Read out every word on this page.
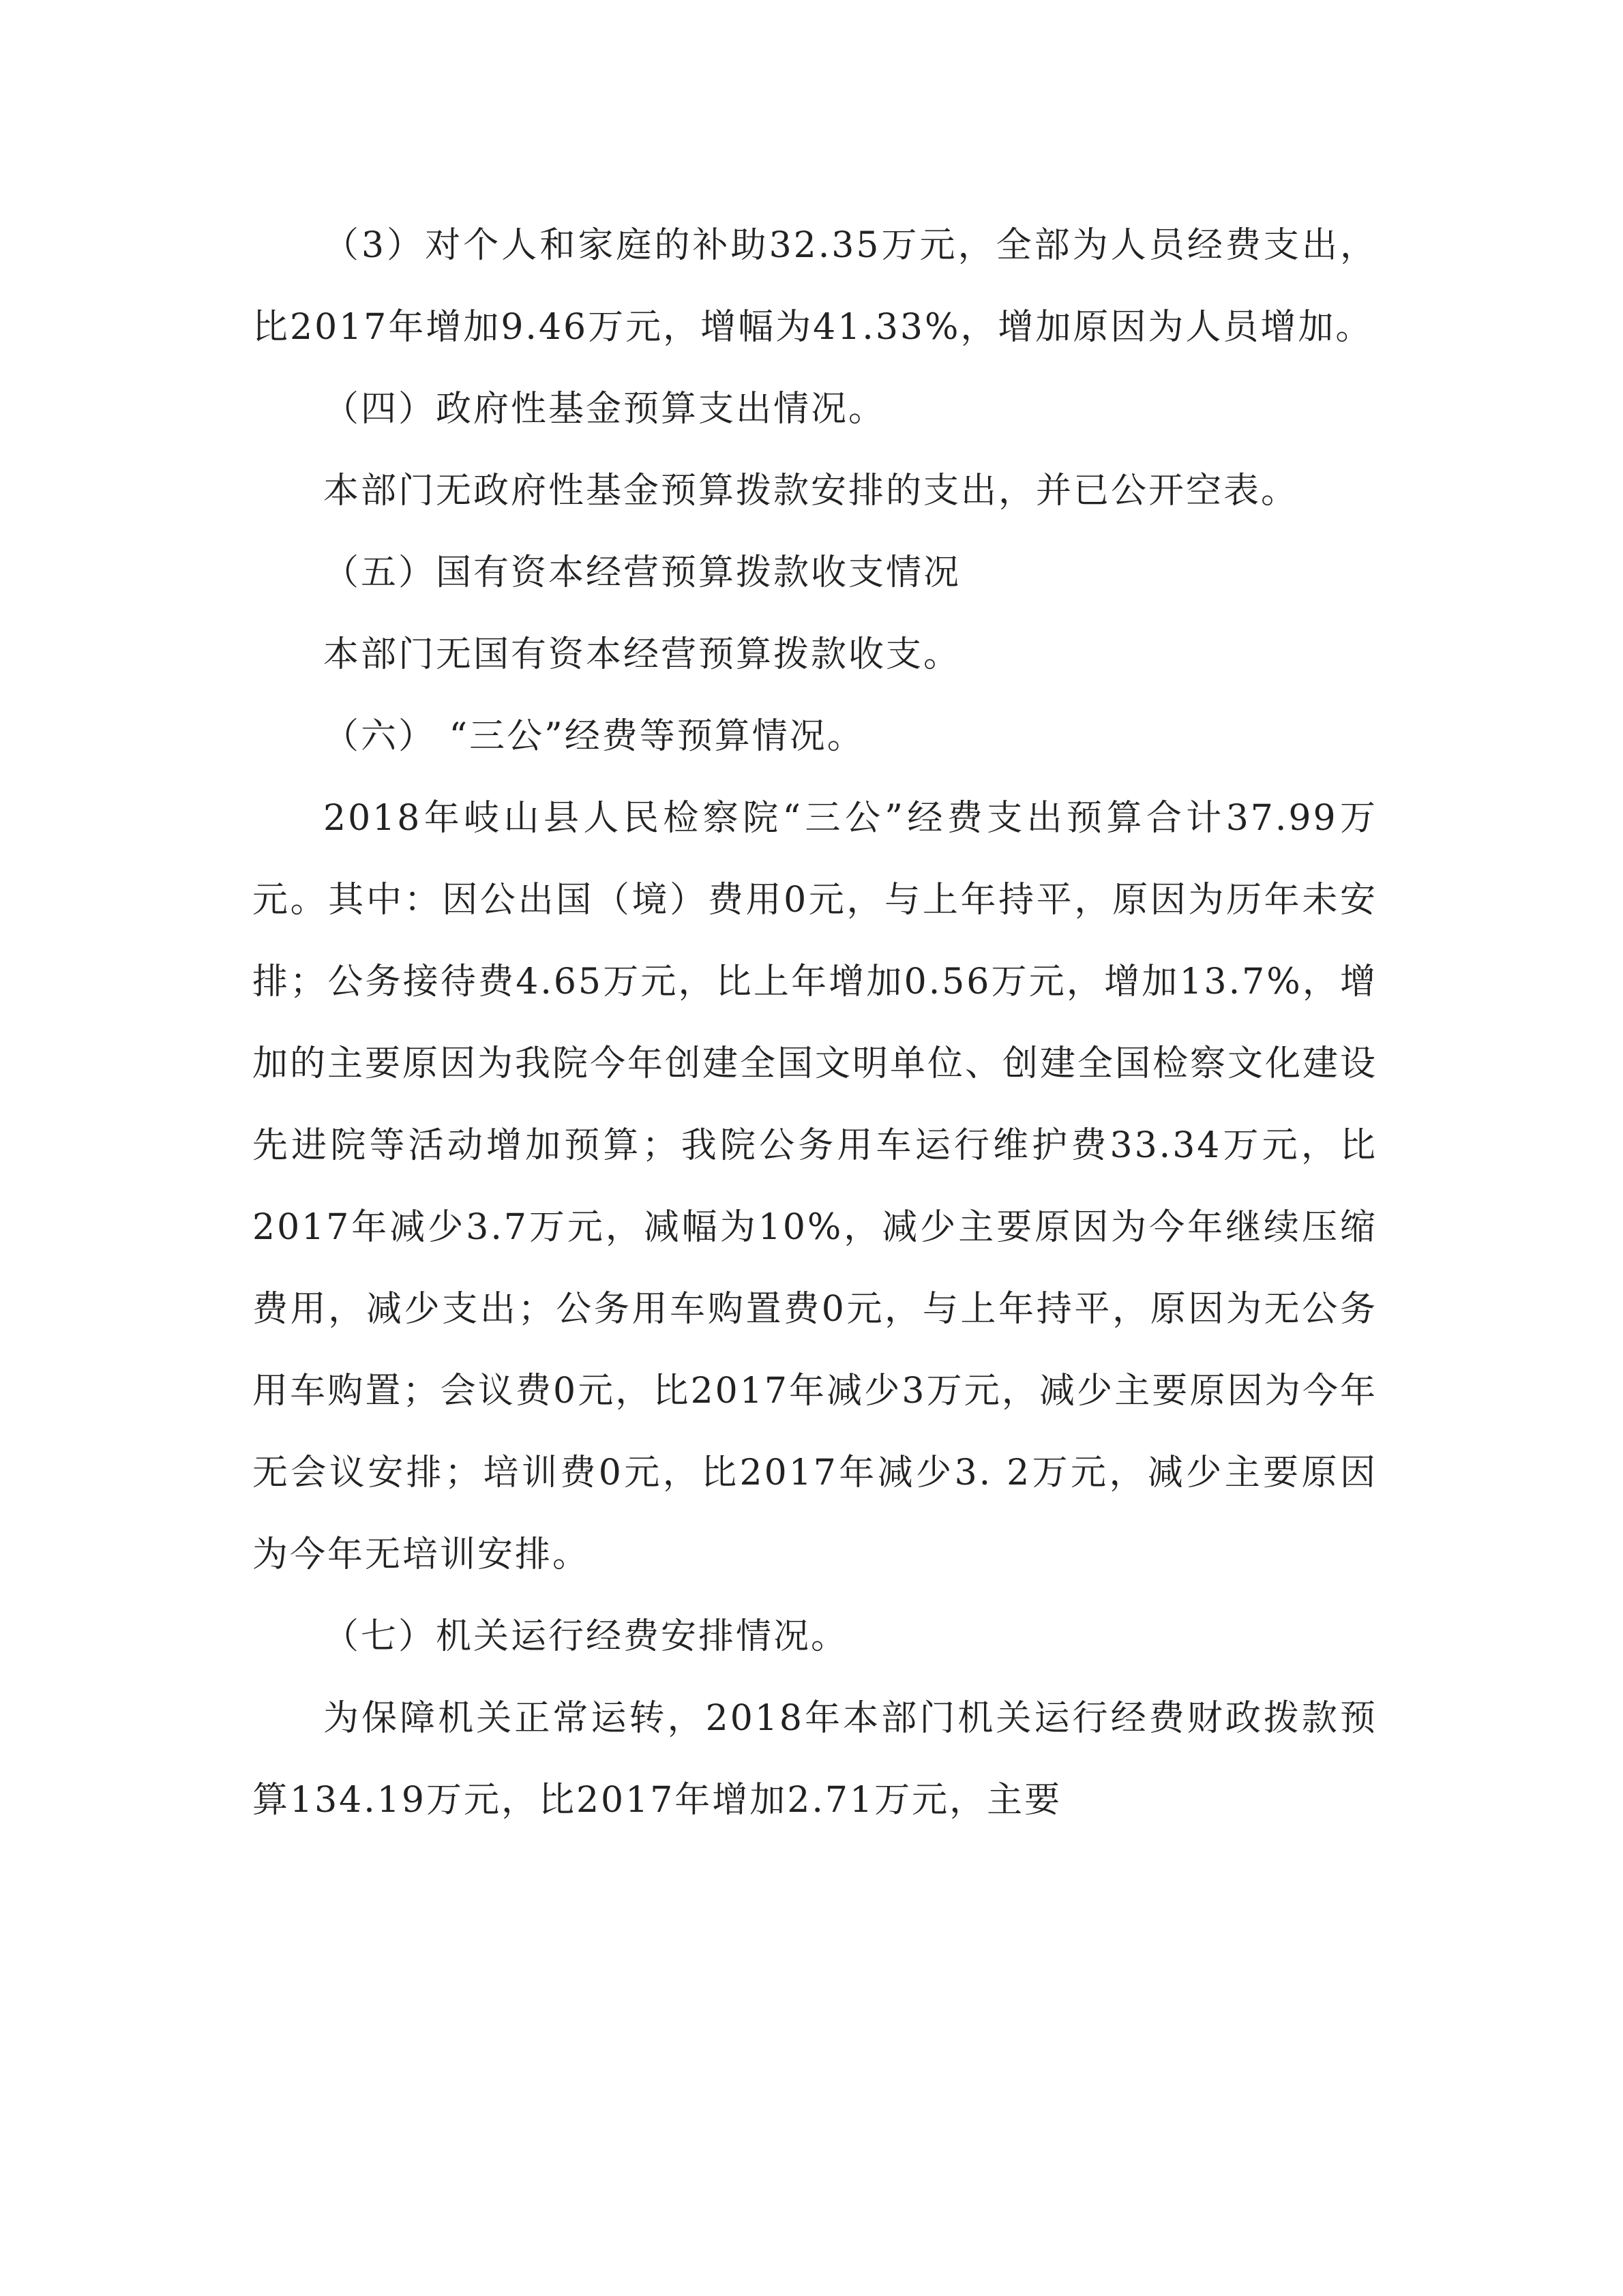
（3）对个人和家庭的补助32.35万元，全部为人员经费支出，比2017年增加9.46万元，增幅为41.33%，增加原因为人员增加。

（四）政府性基金预算支出情况。

本部门无政府性基金预算拨款安排的支出，并已公开空表。

（五）国有资本经营预算拨款收支情况

本部门无国有资本经营预算拨款收支。

（六） “三公”经费等预算情况。

2018年岐山县人民检察院“三公”经费支出预算合计37.99万元。其中：因公出国（境）费用0元，与上年持平，原因为历年未安排；公务接待费4.65万元，比上年增加0.56万元，增加13.7%，增加的主要原因为我院今年创建全国文明单位、创建全国检察文化建设先进院等活动增加预算；我院公务用车运行维护费33.34万元，比2017年减少3.7万元，减幅为10%，减少主要原因为今年继续压缩费用，减少支出；公务用车购置费0元，与上年持平，原因为无公务用车购置；会议费0元，比2017年减少3万元，减少主要原因为今年无会议安排；培训费0元，比2017年减少3. 2万元，减少主要原因为今年无培训安排。

（七）机关运行经费安排情况。

为保障机关正常运转，2018年本部门机关运行经费财政拨款预算134.19万元，比2017年增加2.71万元，主要
